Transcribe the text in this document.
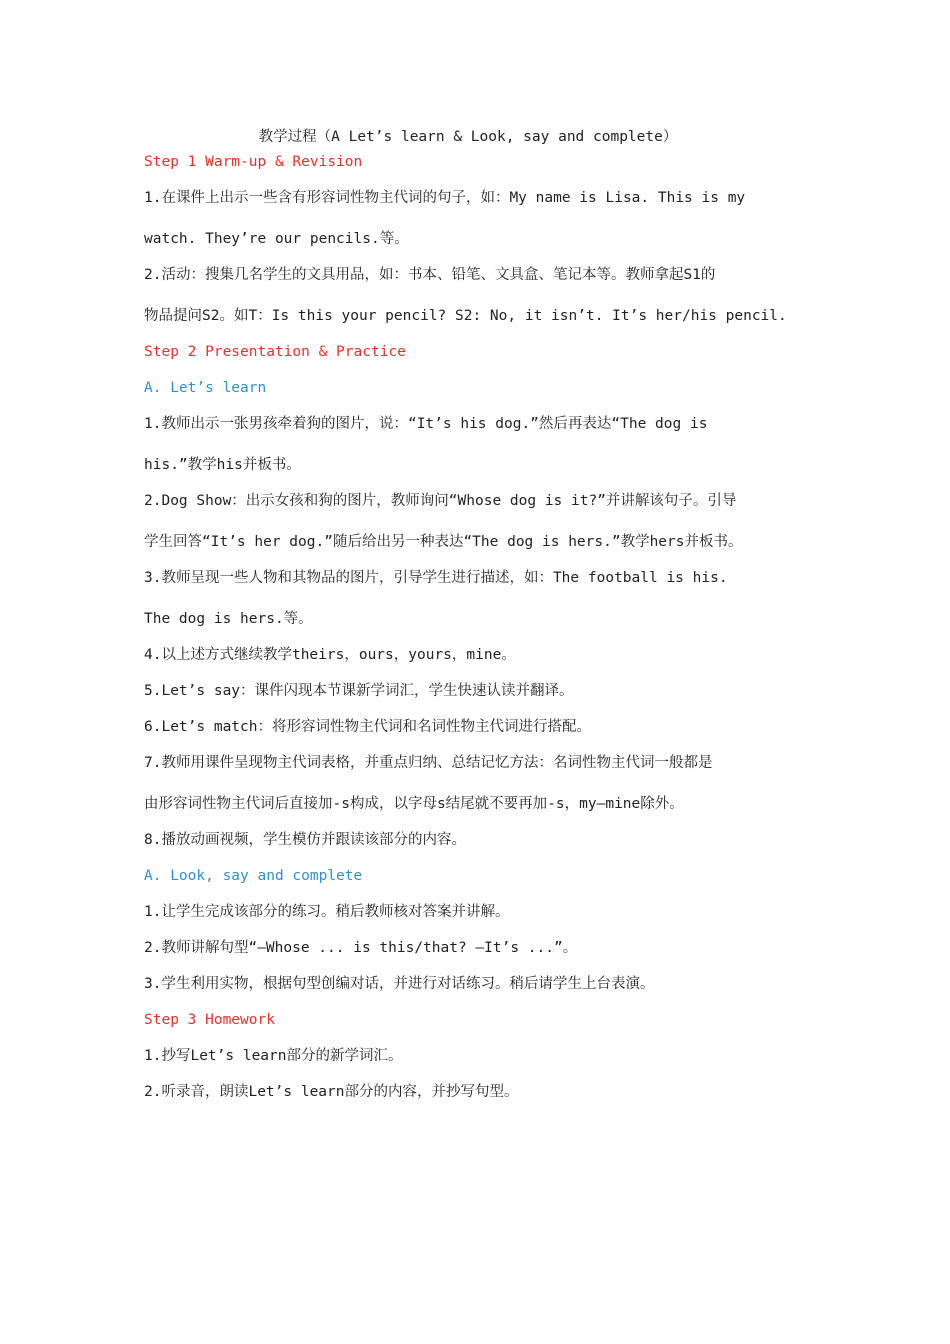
教学过程（A Let’s learn & Look, say and complete）
Step 1 Warm-up & Revision
1.在课件上出示一些含有形容词性物主代词的句子，如：My name is Lisa. This is my
watch. They’re our pencils.等。
2.活动：搜集几名学生的文具用品，如：书本、铅笔、文具盒、笔记本等。教师拿起S1的
物品提问S2。如T：Is this your pencil? S2: No, it isn’t. It’s her/his pencil.
Step 2 Presentation & Practice
A. Let’s learn
1.教师出示一张男孩牵着狗的图片，说：“It’s his dog.”然后再表达“The dog is
his.”教学his并板书。
2.Dog Show：出示女孩和狗的图片，教师询问“Whose dog is it?”并讲解该句子。引导
学生回答“It’s her dog.”随后给出另一种表达“The dog is hers.”教学hers并板书。
3.教师呈现一些人物和其物品的图片，引导学生进行描述，如：The football is his.
The dog is hers.等。
4.以上述方式继续教学theirs，ours，yours，mine。
5.Let’s say：课件闪现本节课新学词汇，学生快速认读并翻译。
6.Let’s match：将形容词性物主代词和名词性物主代词进行搭配。
7.教师用课件呈现物主代词表格，并重点归纳、总结记忆方法：名词性物主代词一般都是
由形容词性物主代词后直接加-s构成，以字母s结尾就不要再加-s，my—mine除外。
8.播放动画视频，学生模仿并跟读该部分的内容。
A. Look, say and complete
1.让学生完成该部分的练习。稍后教师核对答案并讲解。
2.教师讲解句型“—Whose ... is this/that? —It’s ...”。
3.学生利用实物，根据句型创编对话，并进行对话练习。稍后请学生上台表演。
Step 3 Homework
1.抄写Let’s learn部分的新学词汇。
2.听录音，朗读Let’s learn部分的内容，并抄写句型。
